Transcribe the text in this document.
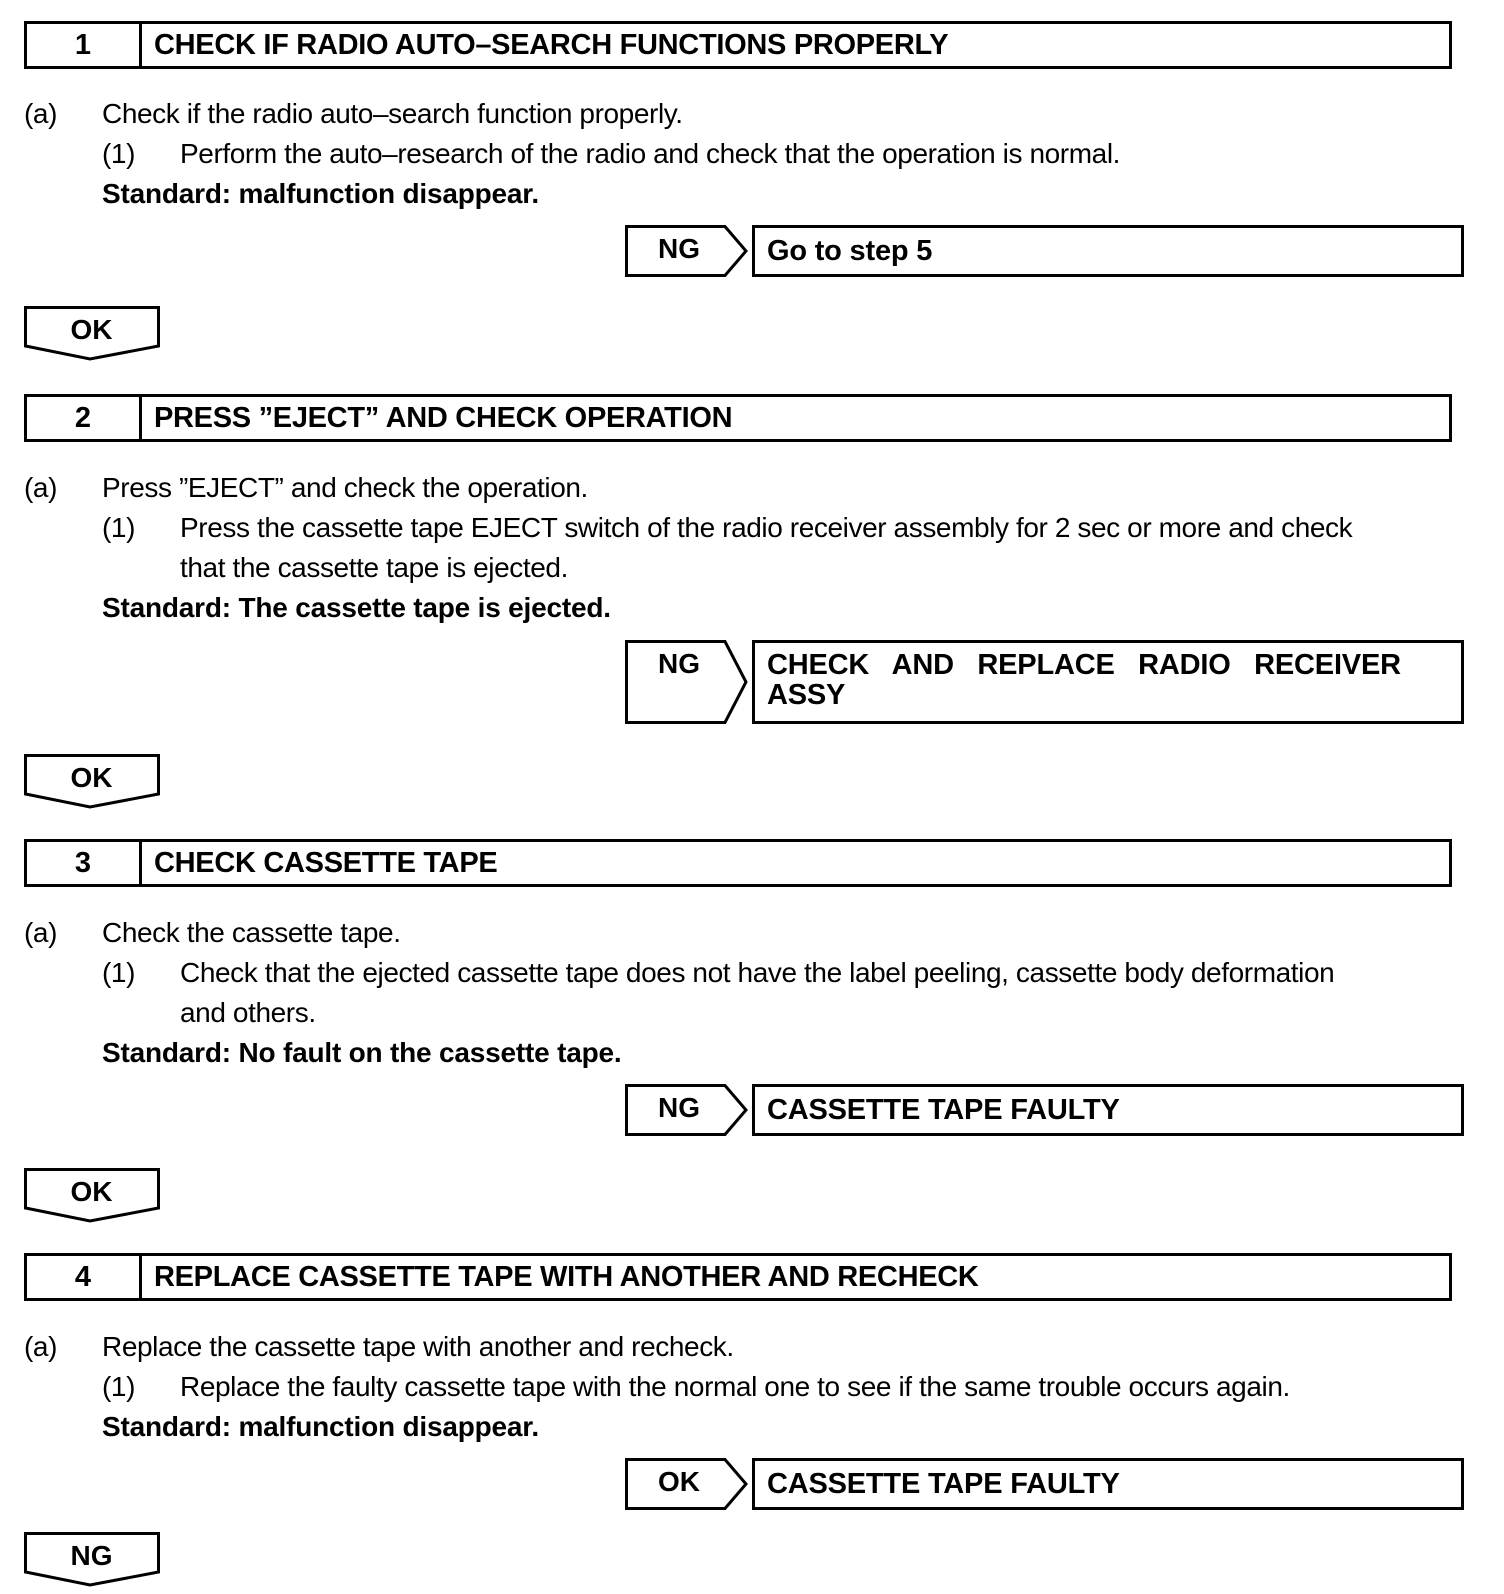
1	CHECK IF RADIO AUTO–SEARCH FUNCTIONS PROPERLY
(a) Check if the radio auto–search function properly.
(1) Perform the auto–research of the radio and check that the operation is normal.
Standard: malfunction disappear.
NG	Go to step 5
OK
2	PRESS ”EJECT” AND CHECK OPERATION
(a) Press ”EJECT” and check the operation.
(1) Press the cassette tape EJECT switch of the radio receiver assembly for 2 sec or more and check
that the cassette tape is ejected.
Standard: The cassette tape is ejected.
NG	CHECK   AND   REPLACE   RADIO   RECEIVER
ASSY
OK
3	CHECK CASSETTE TAPE
(a) Check the cassette tape.
(1) Check that the ejected cassette tape does not have the label peeling, cassette body deformation
and others.
Standard: No fault on the cassette tape.
NG	CASSETTE TAPE FAULTY
OK
4	REPLACE CASSETTE TAPE WITH ANOTHER AND RECHECK
(a) Replace the cassette tape with another and recheck.
(1) Replace the faulty cassette tape with the normal one to see if the same trouble occurs again.
Standard: malfunction disappear.
OK	CASSETTE TAPE FAULTY
NG
